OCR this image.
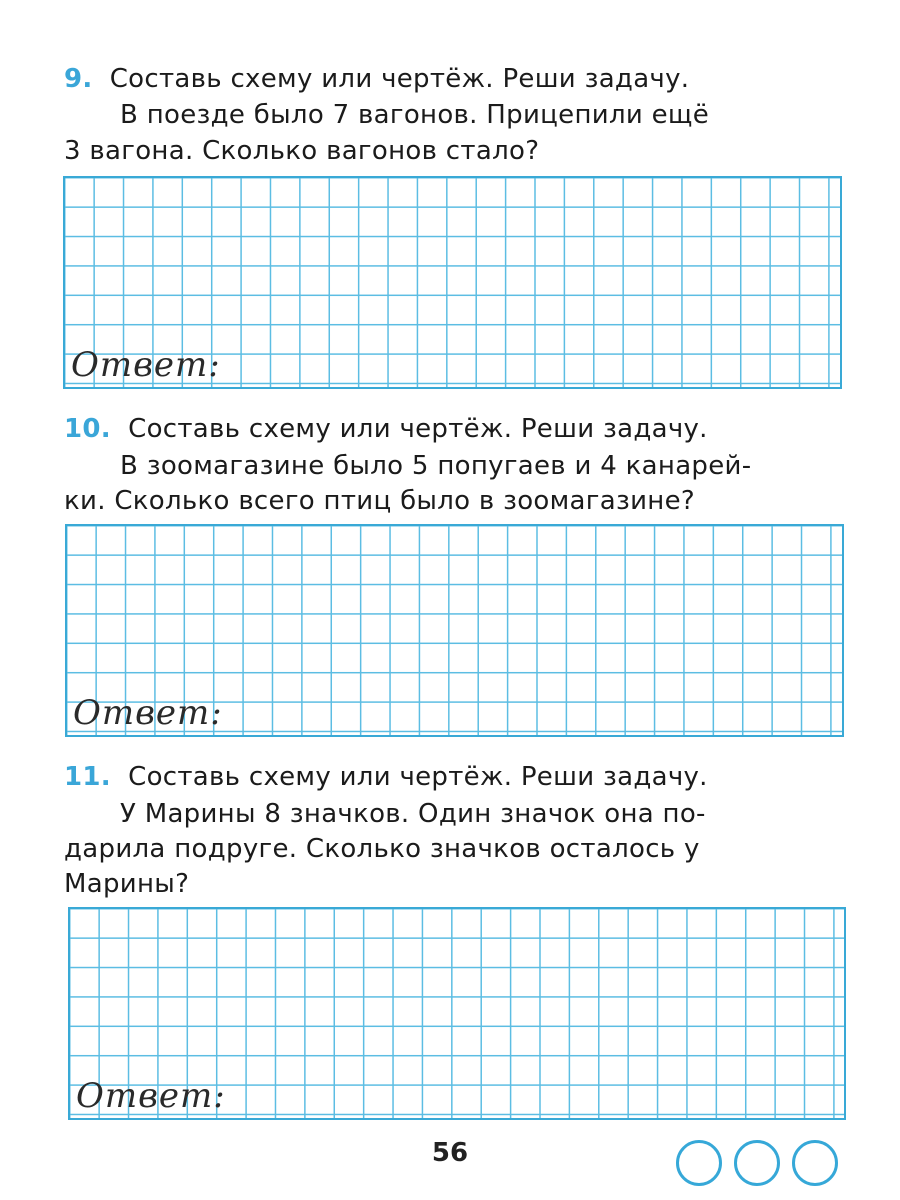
9. Составь схему или чертёж. Реши задачу.
В поезде было 7 вагонов. Прицепили ещё
3 вагона. Сколько вагонов стало?
Ответ:
10. Составь схему или чертёж. Реши задачу.
В зоомагазине было 5 попугаев и 4 канарей-
ки. Сколько всего птиц было в зоомагазине?
Ответ:
11. Составь схему или чертёж. Реши задачу.
У Марины 8 значков. Один значок она по-
дарила подруге. Сколько значков осталось у
Марины?
Ответ:
56
